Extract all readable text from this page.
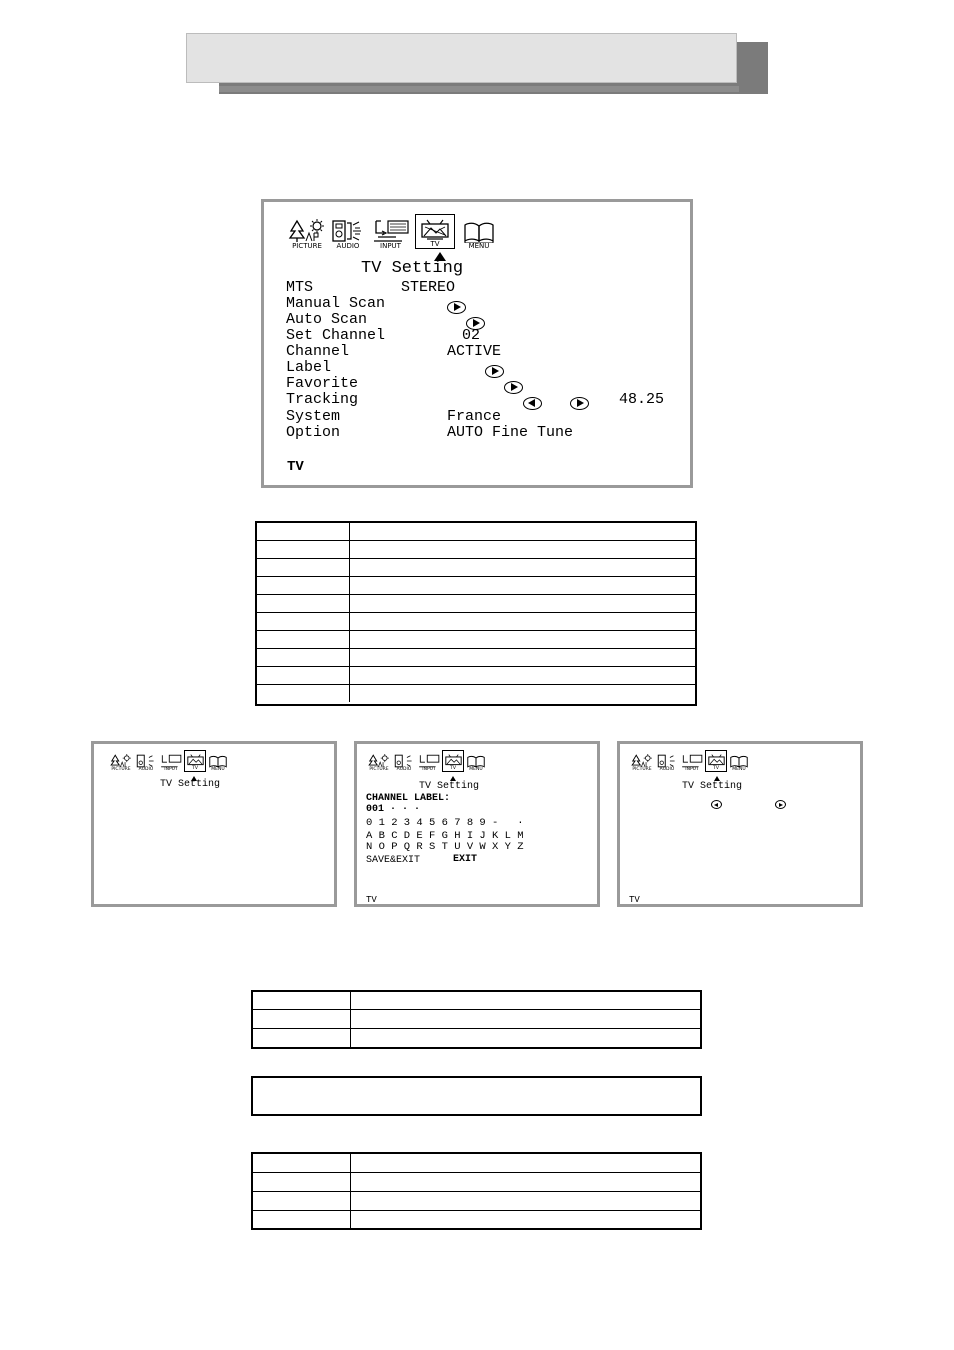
PICTURE AUDIO	INPUT	TV	MENU
TV Setting
MTS	STEREO
Manual Scan
Auto Scan
Set Channel	02
Channel	ACTIVE
Label
Favorite
Tracking	48.25
System	France
Option	AUTO Fine Tune
TV
PICTURE AUDIO INPUT	TV	MENU
TV Setting
PICTURE AUDIO INPUT	TV	MENU
TV Setting
CHANNEL LABEL:
001 · · ·
0 1 2 3 4 5 6 7 8 9 -   ·
A B C D E F G H I J K L M
N O P Q R S T U V W X Y Z
SAVE&EXIT	EXIT
TV
PICTURE AUDIO INPUT	TV	MENU
TV Setting

TV
